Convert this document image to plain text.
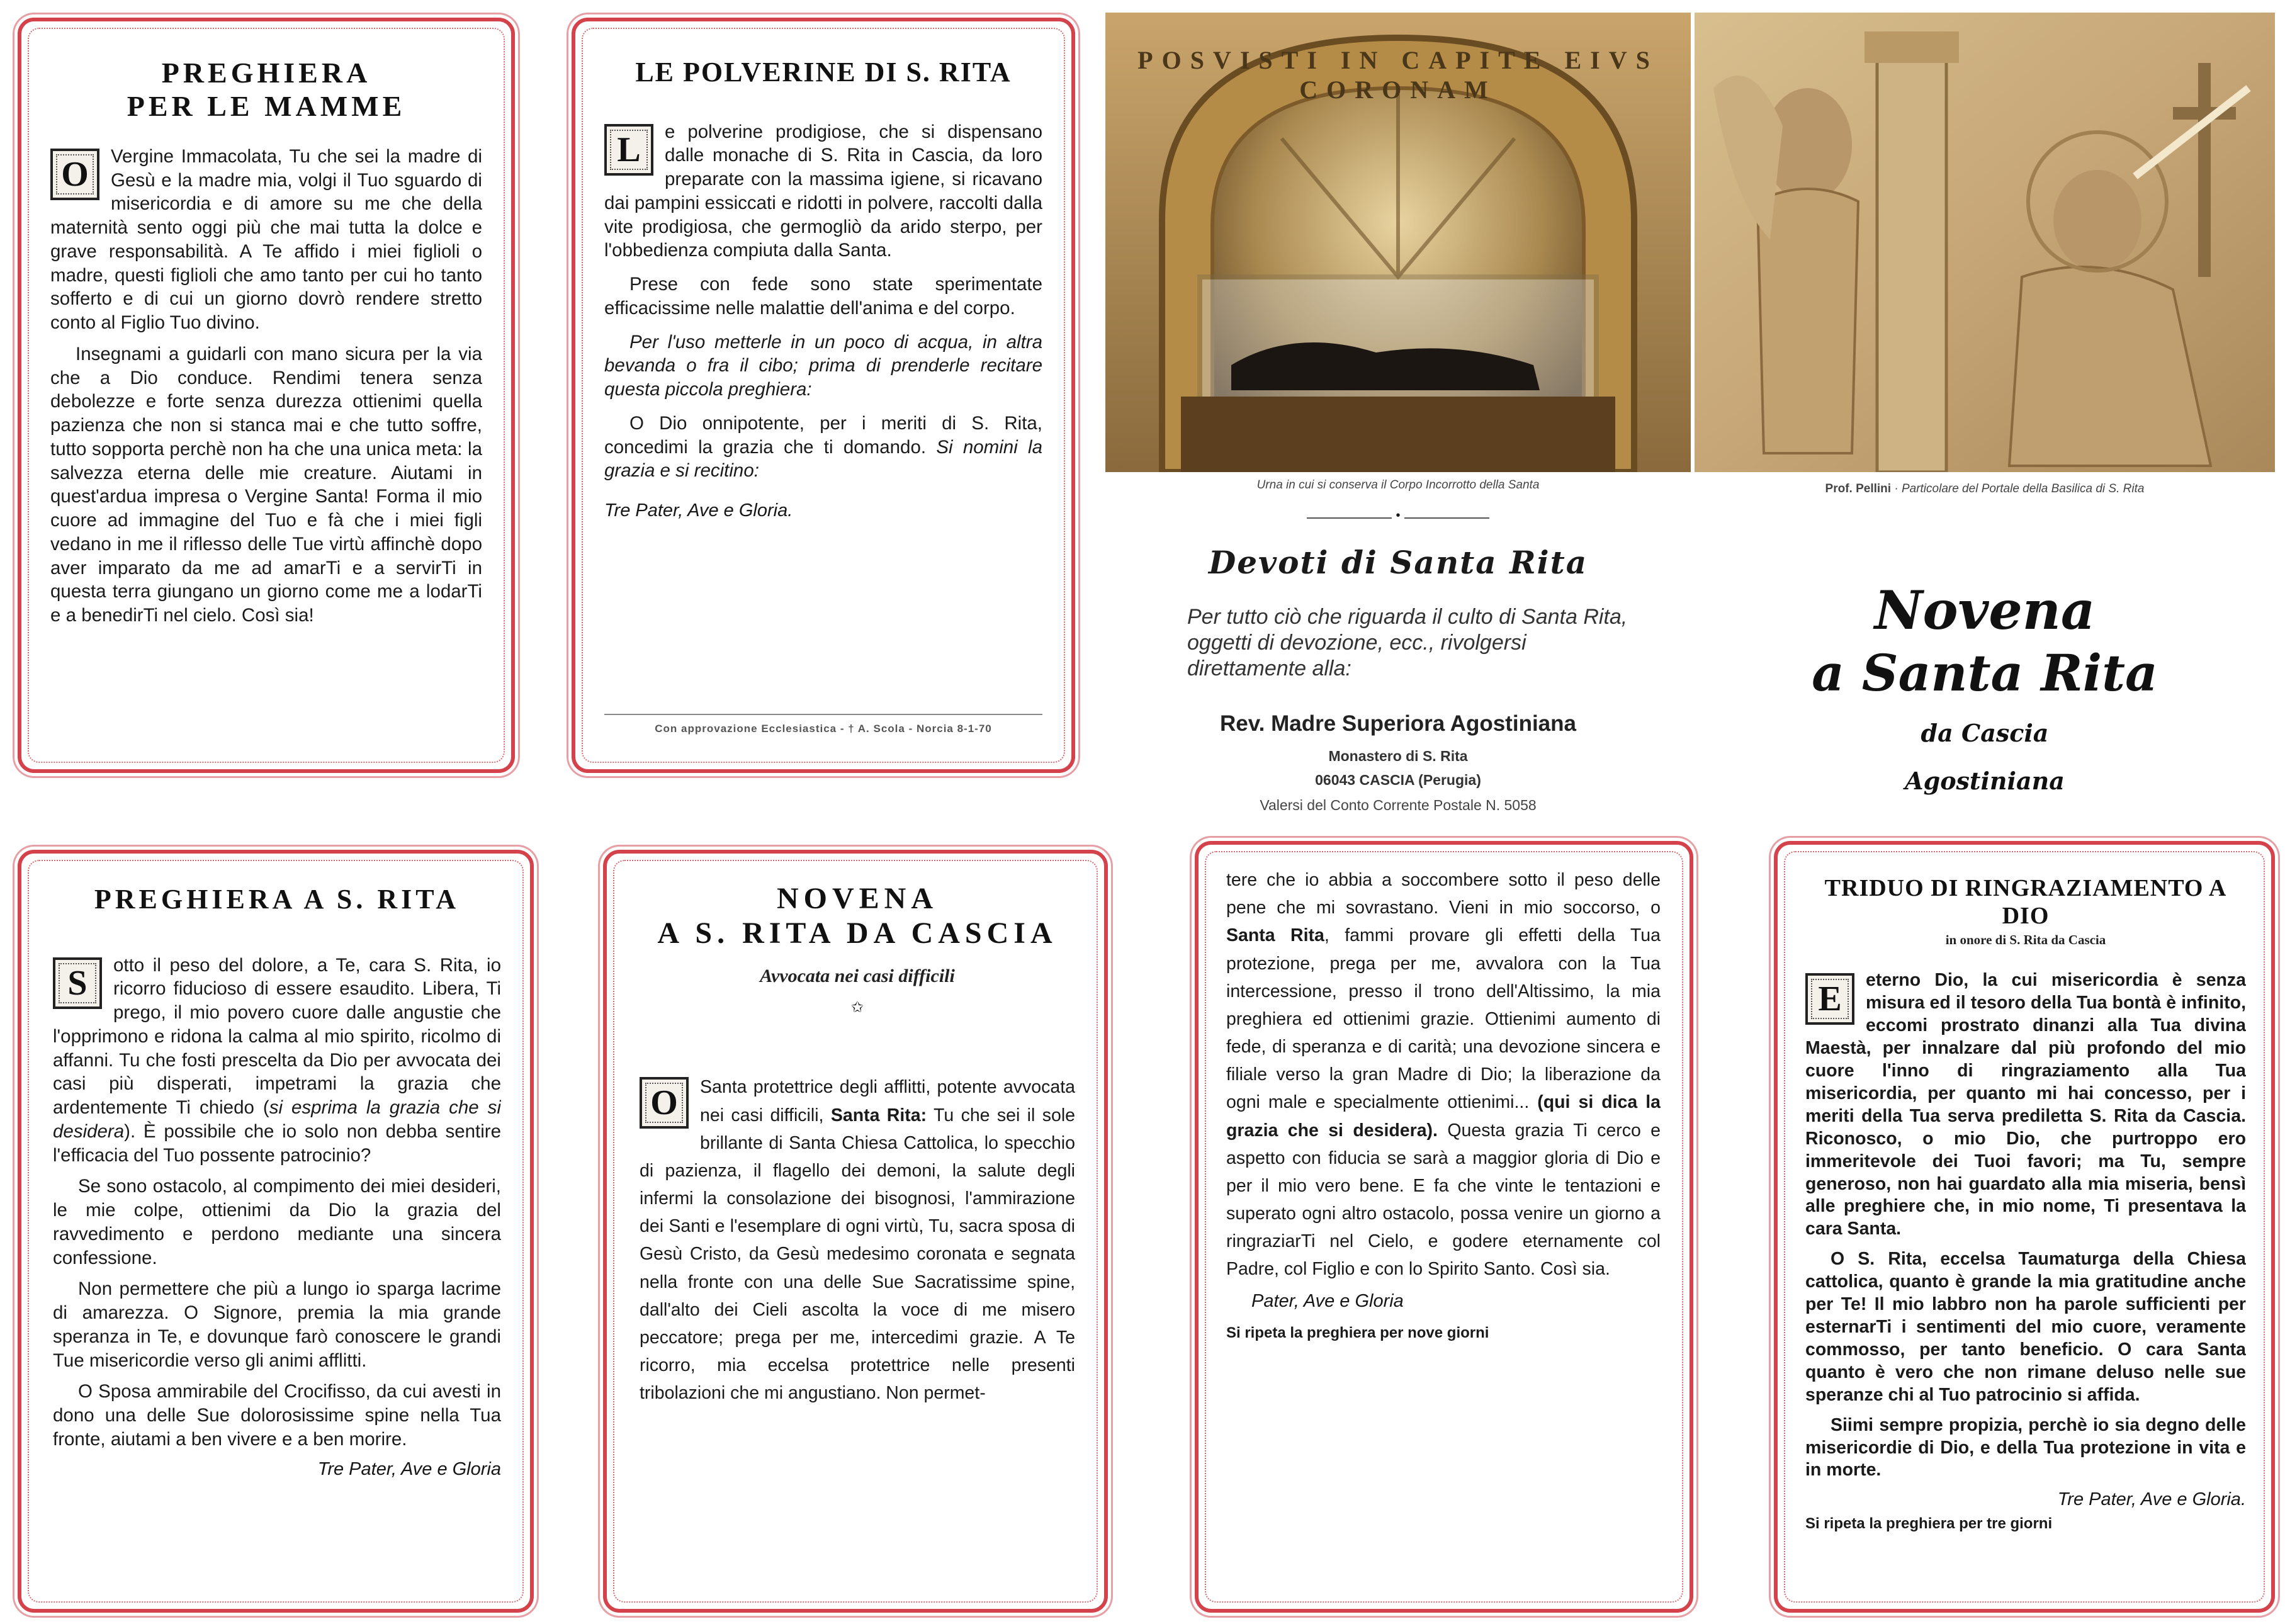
PREGHIERA
PER LE MAMME
O	Vergine Immacolata, Tu che sei la madre di Gesù e la madre mia, volgi il Tuo sguardo di misericordia e di amore su me che della maternità sento oggi più che mai tutta la dolce e grave responsabilità. A Te affido i miei figlioli o madre, questi figlioli che amo tanto per cui ho tanto sofferto e di cui un giorno dovrò rendere stretto conto al Figlio Tuo divino.

Insegnami a guidarli con mano sicura per la via che a Dio conduce. Rendimi tenera senza debolezze e forte senza durezza ottienimi quella pazienza che non si stanca mai e che tutto soffre, tutto sopporta perchè non ha che una unica meta: la salvezza eterna delle mie creature. Aiutami in quest'ardua impresa o Vergine Santa! Forma il mio cuore ad immagine del Tuo e fà che i miei figli vedano in me il riflesso delle Tue virtù affinchè dopo aver imparato da me ad amarTi e a servirTi in questa terra giungano un giorno come me a lodarTi e a benedirTi nel cielo. Così sia!

LE POLVERINE DI S. RITA
L	e polverine prodigiose, che si dispensano dalle monache di S. Rita in Cascia, da loro preparate con la massima igiene, si ricavano dai pampini essiccati e ridotti in polvere, raccolti dalla vite prodigiosa, che germogliò da arido sterpo, per l'obbedienza compiuta dalla Santa.

Prese con fede sono state sperimentate efficacissime nelle malattie dell'anima e del corpo.

Per l'uso metterle in un poco di acqua, in altra bevanda o fra il cibo; prima di prenderle recitare questa piccola preghiera:

O Dio onnipotente, per i meriti di S. Rita, concedimi la grazia che ti domando. Si nomini la grazia e si recitino:

Tre Pater, Ave e Gloria.
Con approvazione Ecclesiastica - † A. Scola - Norcia 8-1-70
POSVISTI IN CAPITE EIVS CORONAM
Urna in cui si conserva il Corpo Incorrotto della Santa	Prof. Pellini · Particolare del Portale della Basilica di S. Rita
•
Devoti di Santa Rita
Per tutto ciò che riguarda il culto di Santa Rita, oggetti di devozione, ecc., rivolgersi direttamente alla:
Rev. Madre Superiora Agostiniana
Monastero di S. Rita
06043 CASCIA (Perugia)
Valersi del Conto Corrente Postale N. 5058
Novena
a Santa Rita
da Cascia
Agostiniana
PREGHIERA A S. RITA
S	otto il peso del dolore, a Te, cara S. Rita, io ricorro fiducioso di essere esaudito. Libera, Ti prego, il mio povero cuore dalle angustie che l'opprimono e ridona la calma al mio spirito, ricolmo di affanni. Tu che fosti prescelta da Dio per avvocata dei casi più disperati, impetrami la grazia che ardentemente Ti chiedo (si esprima la grazia che si desidera). È possibile che io solo non debba sentire l'efficacia del Tuo possente patrocinio?

Se sono ostacolo, al compimento dei miei desideri, le mie colpe, ottienimi da Dio la grazia del ravvedimento e perdono mediante una sincera confessione.

Non permettere che più a lungo io sparga lacrime di amarezza. O Signore, premia la mia grande speranza in Te, e dovunque farò conoscere le grandi Tue misericordie verso gli animi afflitti.

O Sposa ammirabile del Crocifisso, da cui avesti in dono una delle Sue dolorosissime spine nella Tua fronte, aiutami a ben vivere e a ben morire.

Tre Pater, Ave e Gloria
NOVENA
A S. RITA DA CASCIA
Avvocata nei casi difficili
✩
O	Santa protettrice degli afflitti, potente avvocata nei casi difficili, Santa Rita: Tu che sei il sole brillante di Santa Chiesa Cattolica, lo specchio di pazienza, il flagello dei demoni, la salute degli infermi la consolazione dei bisognosi, l'ammirazione dei Santi e l'esemplare di ogni virtù, Tu, sacra sposa di Gesù Cristo, da Gesù medesimo coronata e segnata nella fronte con una delle Sue Sacratissime spine, dall'alto dei Cieli ascolta la voce di me misero peccatore; prega per me, intercedimi grazie. A Te ricorro, mia eccelsa protettrice nelle presenti tribolazioni che mi angustiano. Non permet-

tere che io abbia a soccombere sotto il peso delle pene che mi sovrastano. Vieni in mio soccorso, o Santa Rita, fammi provare gli effetti della Tua protezione, prega per me, avvalora con la Tua intercessione, presso il trono dell'Altissimo, la mia preghiera ed ottienimi grazie. Ottienimi aumento di fede, di speranza e di carità; una devozione sincera e filiale verso la gran Madre di Dio; la liberazione da ogni male e specialmente ottienimi... (qui si dica la grazia che si desidera). Questa grazia Ti cerco e aspetto con fiducia se sarà a maggior gloria di Dio e per il mio vero bene. E fa che vinte le tentazioni e superato ogni altro ostacolo, possa venire un giorno a ringraziarTi nel Cielo, e godere eternamente col Padre, col Figlio e con lo Spirito Santo. Così sia.

Pater, Ave e Gloria
Si ripeta la preghiera per nove giorni
TRIDUO DI RINGRAZIAMENTO A DIO
in onore di S. Rita da Cascia
E	eterno Dio, la cui misericordia è senza misura ed il tesoro della Tua bontà è infinito, eccomi prostrato dinanzi alla Tua divina Maestà, per innalzare dal più profondo del mio cuore l'inno di ringraziamento alla Tua misericordia, per quanto mi hai concesso, per i meriti della Tua serva prediletta S. Rita da Cascia. Riconosco, o mio Dio, che purtroppo ero immeritevole dei Tuoi favori; ma Tu, sempre generoso, non hai guardato alla mia miseria, bensì alle preghiere che, in mio nome, Ti presentava la cara Santa.

O S. Rita, eccelsa Taumaturga della Chiesa cattolica, quanto è grande la mia gratitudine anche per Te! Il mio labbro non ha parole sufficienti per esternarTi i sentimenti del mio cuore, veramente commosso, per tanto beneficio. O cara Santa quanto è vero che non rimane deluso nelle sue speranze chi al Tuo patrocinio si affida.

Siimi sempre propizia, perchè io sia degno delle misericordie di Dio, e della Tua protezione in vita e in morte.

Tre Pater, Ave e Gloria.
Si ripeta la preghiera per tre giorni
